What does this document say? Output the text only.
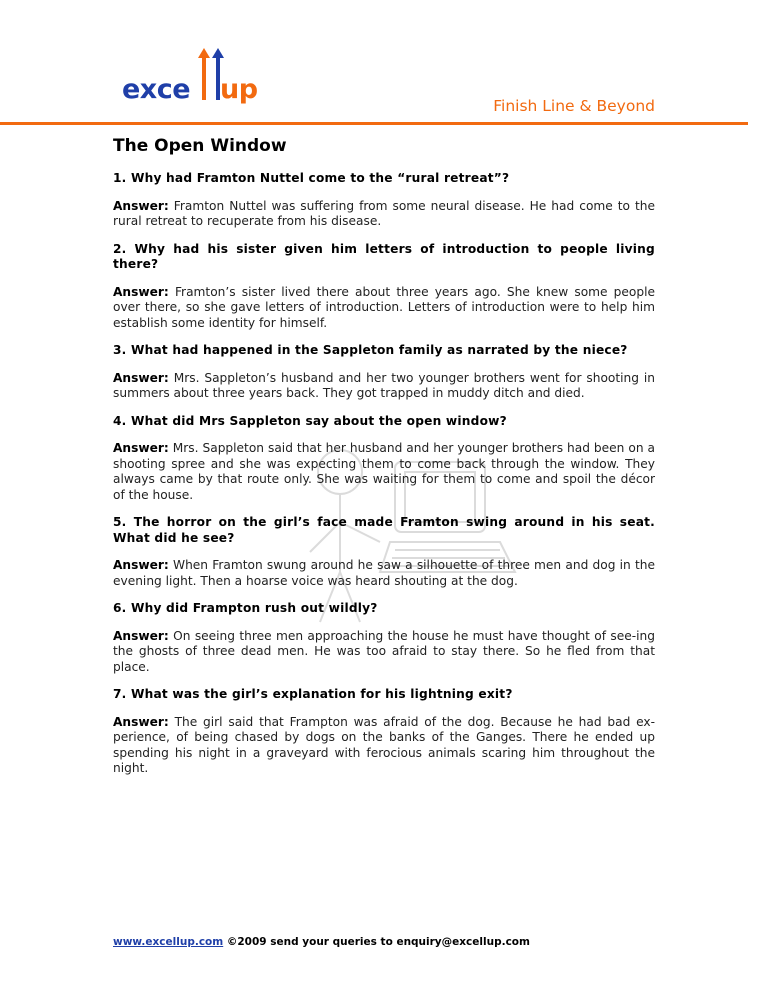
exce up
Finish Line & Beyond
The Open Window
1. Why had Framton Nuttel come to the “rural retreat”?
Answer: Framton Nuttel was suffering from some neural disease. He had come to the rural retreat to recuperate from his disease.
2. Why had his sister given him letters of introduction to people living there?
Answer: Framton’s sister lived there about three years ago. She knew some people over there, so she gave letters of introduction. Letters of introduction were to help him establish some identity for himself.
3. What had happened in the Sappleton family as narrated by the niece?
Answer: Mrs. Sappleton’s husband and her two younger brothers went for shooting in summers about three years back. They got trapped in muddy ditch and died.
4. What did Mrs Sappleton say about the open window?
Answer: Mrs. Sappleton said that her husband and her younger brothers had been on a shooting spree and she was expecting them to come back through the window. They always came by that route only. She was waiting for them to come and spoil the décor of the house.
5. The horror on the girl’s face made Framton swing around in his seat. What did he see?
Answer: When Framton swung around he saw a silhouette of three men and dog in the evening light. Then a hoarse voice was heard shouting at the dog.
6. Why did Frampton rush out wildly?
Answer: On seeing three men approaching the house he must have thought of see-ing the ghosts of three dead men. He was too afraid to stay there. So he fled from that place.
7. What was the girl’s explanation for his lightning exit?
Answer: The girl said that Frampton was afraid of the dog. Because he had bad ex-perience, of being chased by dogs on the banks of the Ganges. There he ended up spending his night in a graveyard with ferocious animals scaring him throughout the night.
www.excellup.com ©2009 send your queries to enquiry@excellup.com
